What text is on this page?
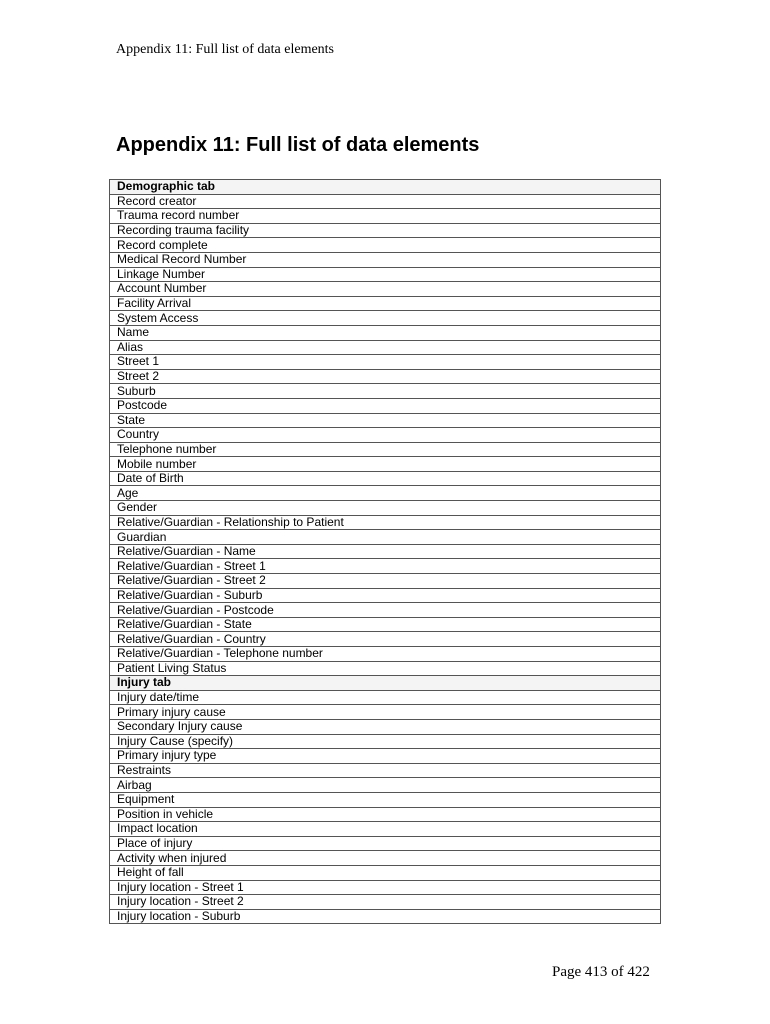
Appendix 11: Full list of data elements
Appendix 11: Full list of data elements
Demographic tab
Record creator
Trauma record number
Recording trauma facility
Record complete
Medical Record Number
Linkage Number
Account Number
Facility Arrival
System Access
Name
Alias
Street 1
Street 2
Suburb
Postcode
State
Country
Telephone number
Mobile number
Date of Birth
Age
Gender
Relative/Guardian - Relationship to Patient
Guardian
Relative/Guardian - Name
Relative/Guardian - Street 1
Relative/Guardian - Street 2
Relative/Guardian - Suburb
Relative/Guardian - Postcode
Relative/Guardian - State
Relative/Guardian - Country
Relative/Guardian - Telephone number
Patient Living Status
Injury tab
Injury date/time
Primary injury cause
Secondary Injury cause
Injury Cause (specify)
Primary injury type
Restraints
Airbag
Equipment
Position in vehicle
Impact location
Place of injury
Activity when injured
Height of fall
Injury location - Street 1
Injury location - Street 2
Injury location - Suburb
Page 413 of 422
